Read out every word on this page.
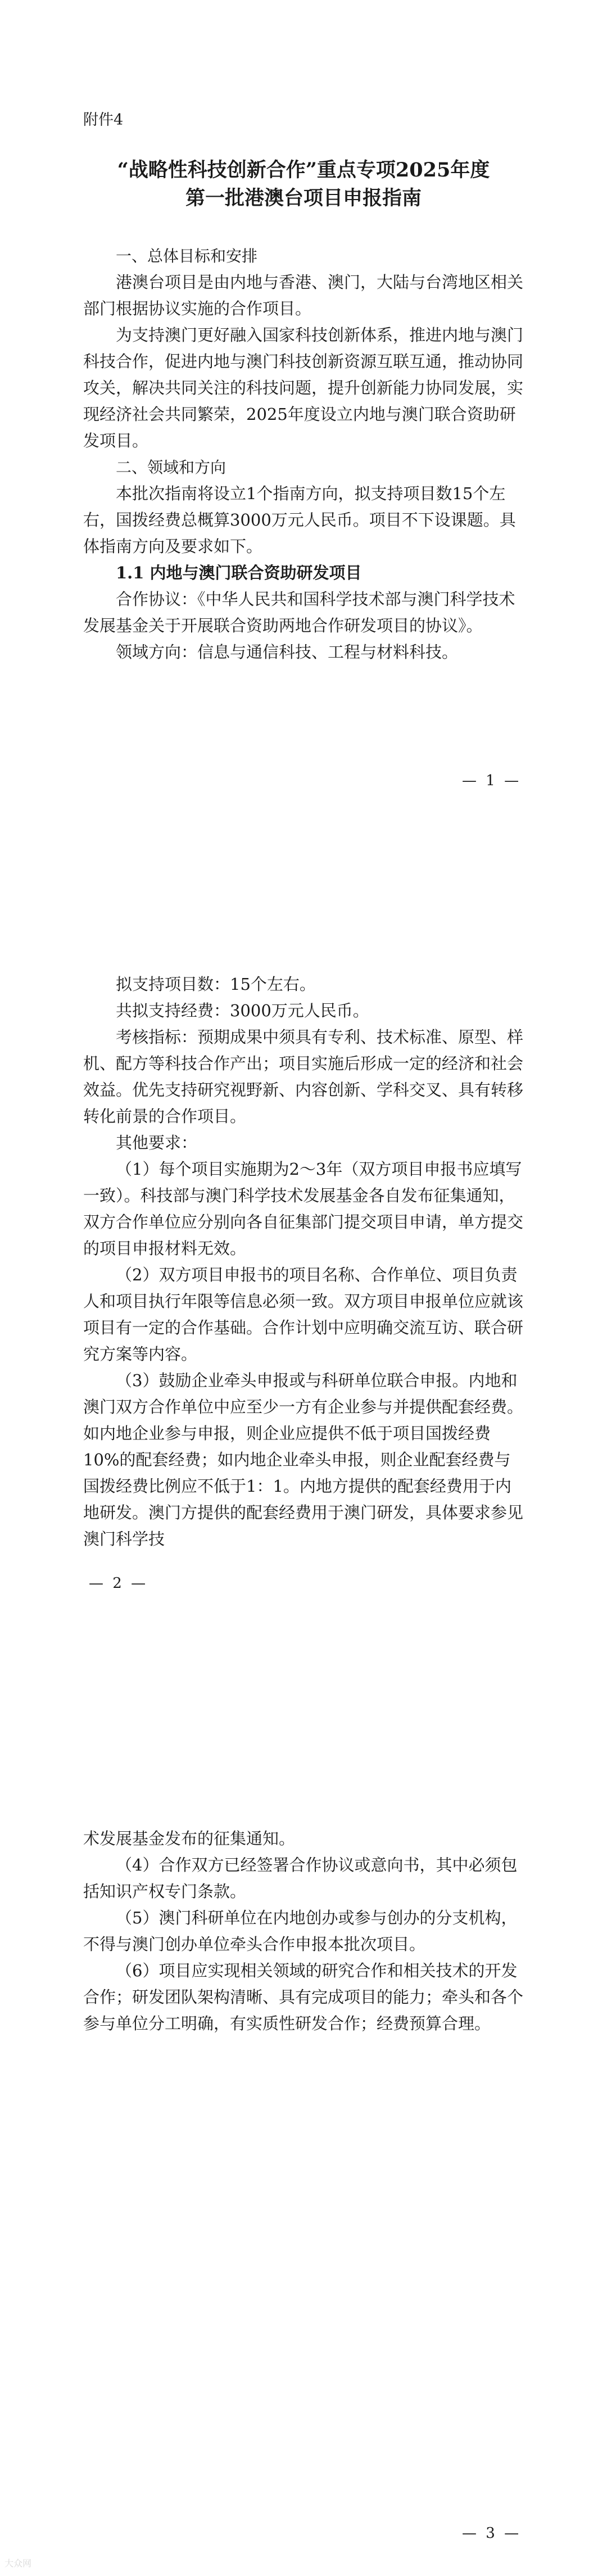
附件4
“战略性科技创新合作”重点专项2025年度
第一批港澳台项目申报指南

一、总体目标和安排

港澳台项目是由内地与香港、澳门，大陆与台湾地区相关部门根据协议实施的合作项目。

为支持澳门更好融入国家科技创新体系，推进内地与澳门科技合作，促进内地与澳门科技创新资源互联互通，推动协同攻关，解决共同关注的科技问题，提升创新能力协同发展，实现经济社会共同繁荣，2025年度设立内地与澳门联合资助研发项目。

二、领域和方向

本批次指南将设立1个指南方向，拟支持项目数15个左右，国拨经费总概算3000万元人民币。项目不下设课题。具体指南方向及要求如下。

1.1 内地与澳门联合资助研发项目

合作协议：《中华人民共和国科学技术部与澳门科学技术发展基金关于开展联合资助两地合作研发项目的协议》。

领域方向：信息与通信科技、工程与材料科技。

— 1 —

拟支持项目数：15个左右。

共拟支持经费：3000万元人民币。

考核指标：预期成果中须具有专利、技术标准、原型、样机、配方等科技合作产出；项目实施后形成一定的经济和社会效益。优先支持研究视野新、内容创新、学科交叉、具有转移转化前景的合作项目。

其他要求：

（1）每个项目实施期为2～3年（双方项目申报书应填写一致）。科技部与澳门科学技术发展基金各自发布征集通知，双方合作单位应分别向各自征集部门提交项目申请，单方提交的项目申报材料无效。

（2）双方项目申报书的项目名称、合作单位、项目负责人和项目执行年限等信息必须一致。双方项目申报单位应就该项目有一定的合作基础。合作计划中应明确交流互访、联合研究方案等内容。

（3）鼓励企业牵头申报或与科研单位联合申报。内地和澳门双方合作单位中应至少一方有企业参与并提供配套经费。如内地企业参与申报，则企业应提供不低于项目国拨经费10%的配套经费；如内地企业牵头申报，则企业配套经费与国拨经费比例应不低于1：1。内地方提供的配套经费用于内地研发。澳门方提供的配套经费用于澳门研发，具体要求参见澳门科学技

— 2 —

术发展基金发布的征集通知。

（4）合作双方已经签署合作协议或意向书，其中必须包括知识产权专门条款。

（5）澳门科研单位在内地创办或参与创办的分支机构，不得与澳门创办单位牵头合作申报本批次项目。

（6）项目应实现相关领域的研究合作和相关技术的开发合作；研发团队架构清晰、具有完成项目的能力；牵头和各个参与单位分工明确，有实质性研发合作；经费预算合理。

— 3 —
大众网
